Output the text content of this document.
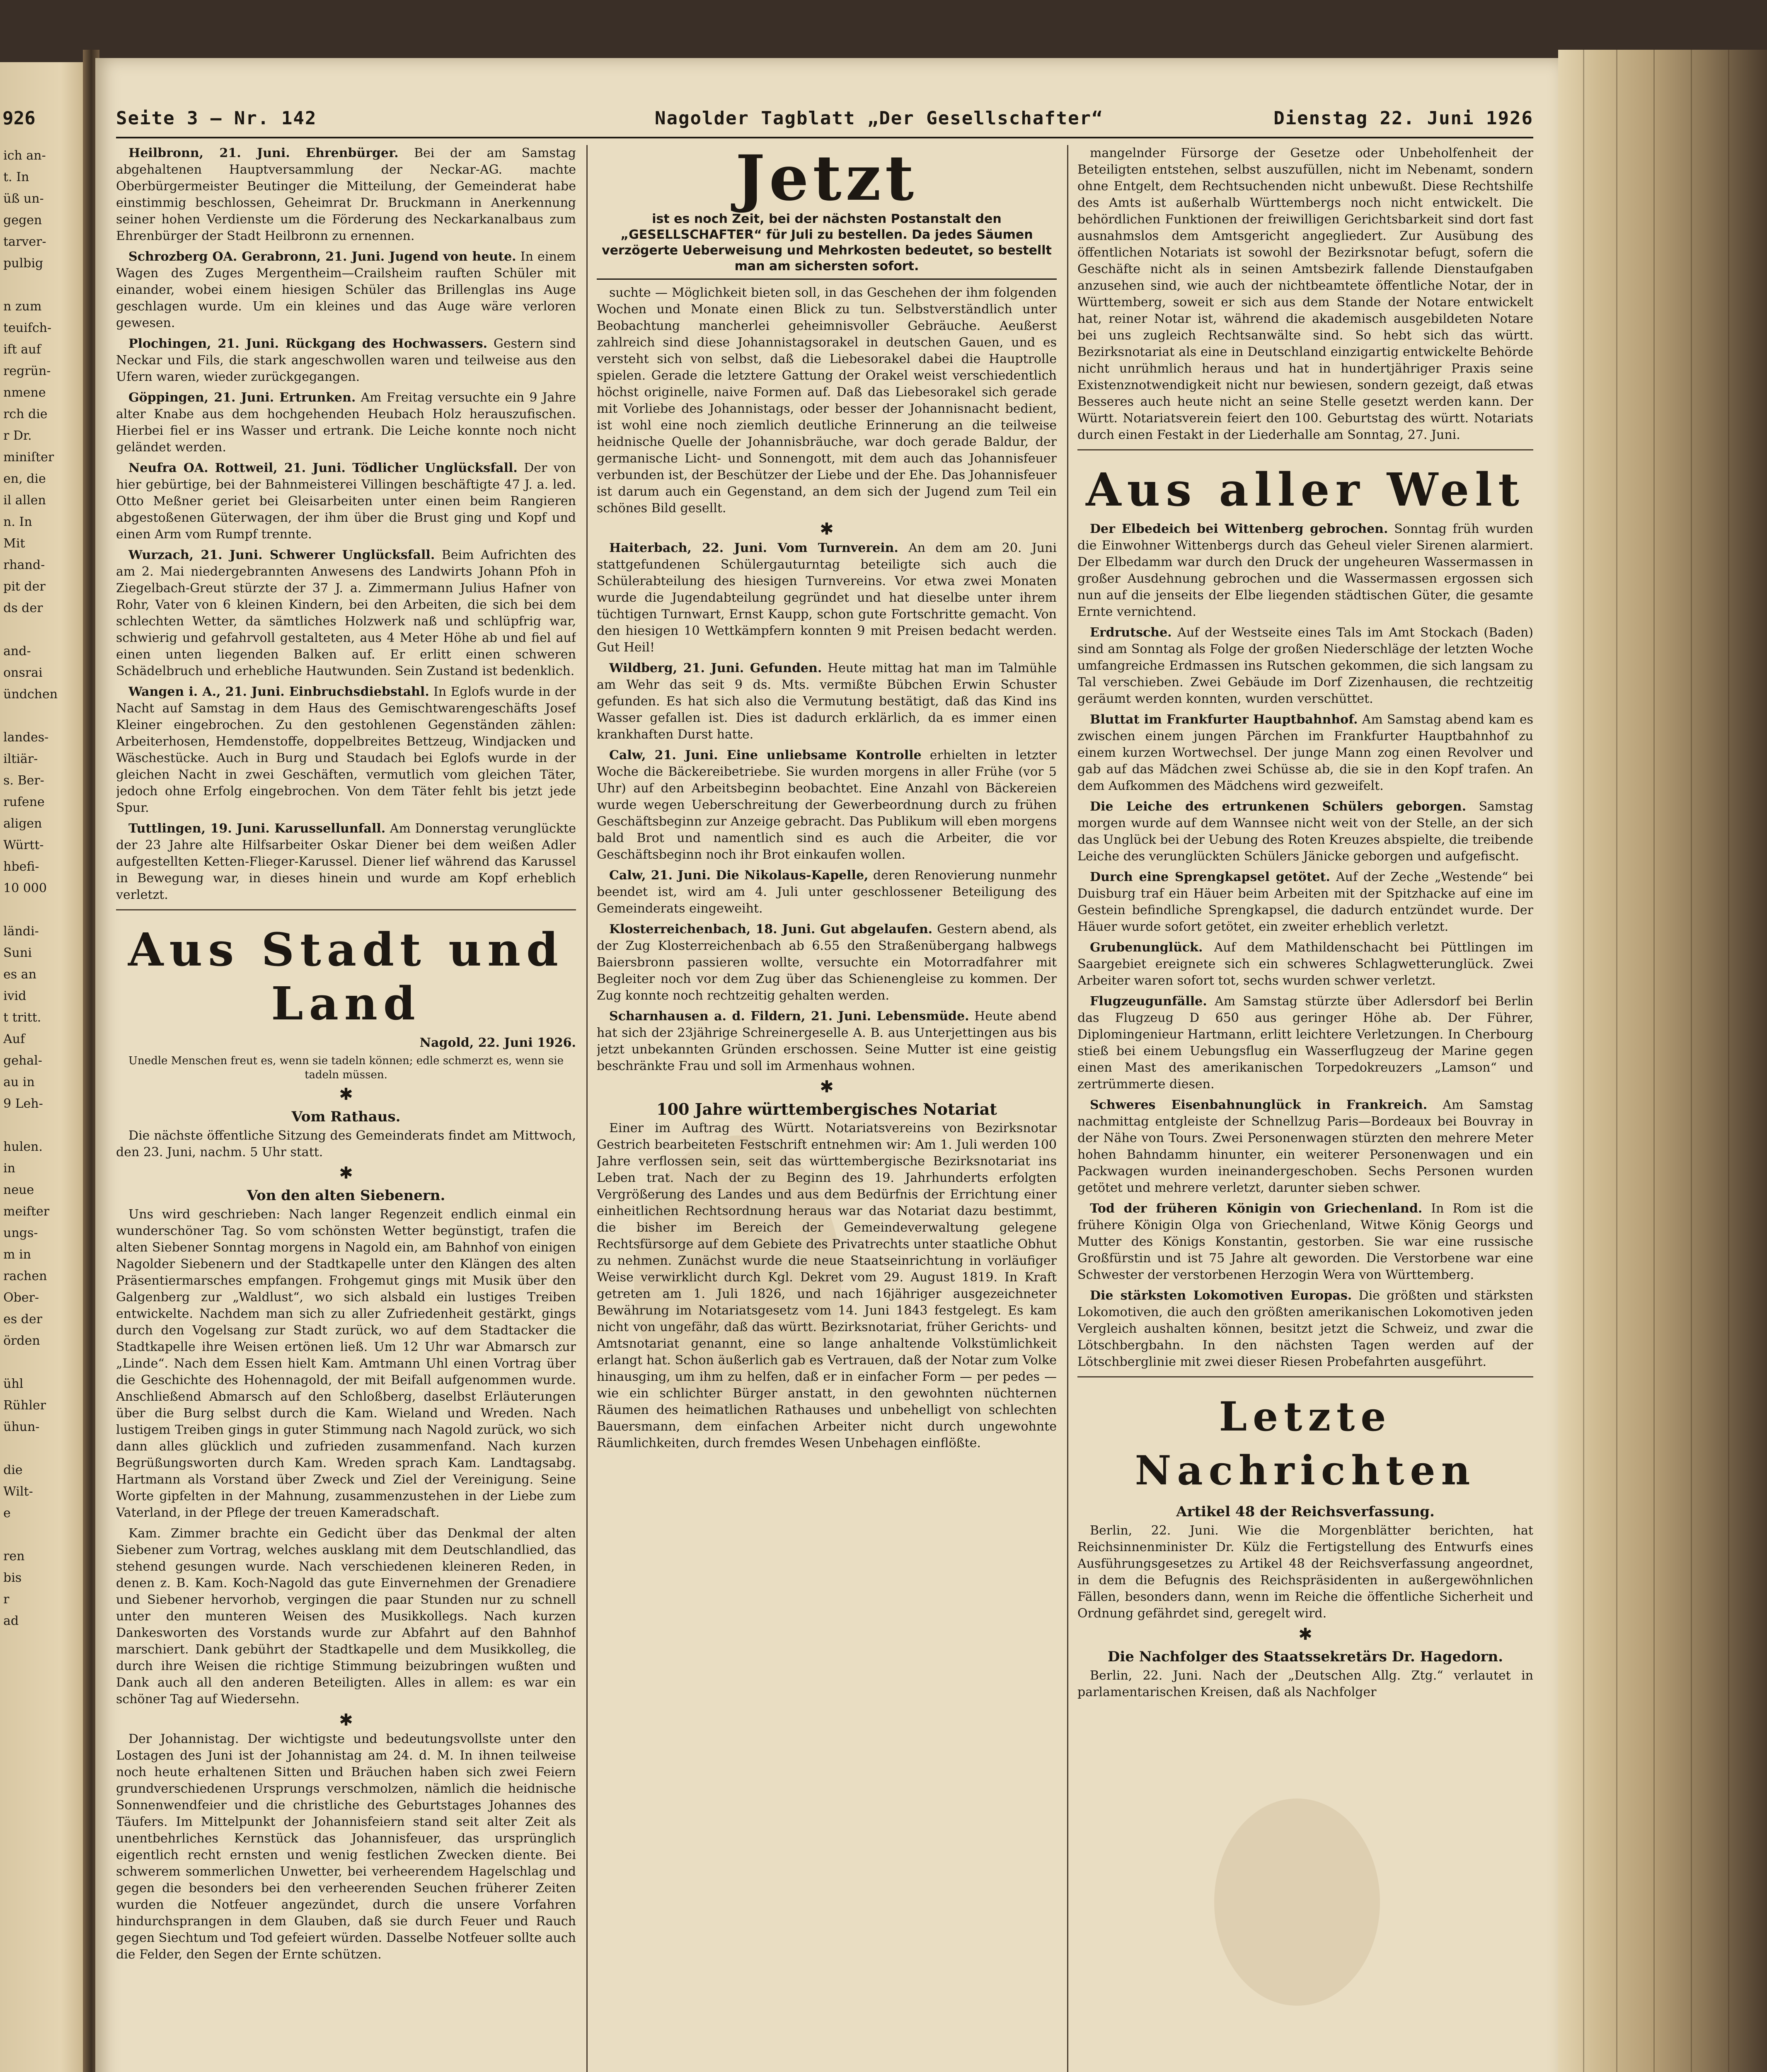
926
ich an-
t. In
üß un-
gegen
tarver-
pulbig
n zum
teuifch-
ift auf
regrün-
nmene
rch die
r Dr.
miniſter
en, die
il allen
n. In
Mit
rhand-
pit der
ds der
and-
onsrai
ündchen
landes-
iltiär-
s. Ber-
rufene
aligen
Württ-
hbefi-
10 000
ländi-
Suni
es an
ivid
t tritt.
Auf
gehal-
au in
9 Leh-
hulen.
in
neue
meifter
ungs-
m in
rachen
Ober-
es der
örden
ühl
Rühler
ühun-
die
Wilt-
e
ren
bis
r
ad
Seite 3 — Nr. 142	Nagolder Tagblatt „Der Gesellschafter“	Dienstag 22. Juni 1926

Heilbronn, 21. Juni. Ehrenbürger. Bei der am Samstag abgehaltenen Hauptversammlung der Neckar-AG. machte Oberbürgermeister Beutinger die Mitteilung, der Gemeinderat habe einstimmig beschlossen, Geheimrat Dr. Bruckmann in Anerkennung seiner hohen Verdienste um die Förderung des Neckarkanalbaus zum Ehrenbürger der Stadt Heilbronn zu ernennen.

Schrozberg OA. Gerabronn, 21. Juni. Jugend von heute. In einem Wagen des Zuges Mergentheim—Crailsheim rauften Schüler mit einander, wobei einem hiesigen Schüler das Brillenglas ins Auge geschlagen wurde. Um ein kleines und das Auge wäre verloren gewesen.

Plochingen, 21. Juni. Rückgang des Hochwassers. Gestern sind Neckar und Fils, die stark angeschwollen waren und teilweise aus den Ufern waren, wieder zurückgegangen.

Göppingen, 21. Juni. Ertrunken. Am Freitag versuchte ein 9 Jahre alter Knabe aus dem hochgehenden Heubach Holz herauszufischen. Hierbei fiel er ins Wasser und ertrank. Die Leiche konnte noch nicht geländet werden.

Neufra OA. Rottweil, 21. Juni. Tödlicher Unglücksfall. Der von hier gebürtige, bei der Bahnmeisterei Villingen beschäftigte 47 J. a. led. Otto Meßner geriet bei Gleisarbeiten unter einen beim Rangieren abgestoßenen Güterwagen, der ihm über die Brust ging und Kopf und einen Arm vom Rumpf trennte.

Wurzach, 21. Juni. Schwerer Unglücksfall. Beim Aufrichten des am 2. Mai niedergebrannten Anwesens des Landwirts Johann Pfoh in Ziegelbach-Greut stürzte der 37 J. a. Zimmermann Julius Hafner von Rohr, Vater von 6 kleinen Kindern, bei den Arbeiten, die sich bei dem schlechten Wetter, da sämtliches Holzwerk naß und schlüpfrig war, schwierig und gefahrvoll gestalteten, aus 4 Meter Höhe ab und fiel auf einen unten liegenden Balken auf. Er erlitt einen schweren Schädelbruch und erhebliche Hautwunden. Sein Zustand ist bedenklich.

Wangen i. A., 21. Juni. Einbruchsdiebstahl. In Eglofs wurde in der Nacht auf Samstag in dem Haus des Gemischtwarengeschäfts Josef Kleiner eingebrochen. Zu den gestohlenen Gegenständen zählen: Arbeiterhosen, Hemdenstoffe, doppelbreites Bettzeug, Windjacken und Wäschestücke. Auch in Burg und Staudach bei Eglofs wurde in der gleichen Nacht in zwei Geschäften, vermutlich vom gleichen Täter, jedoch ohne Erfolg eingebrochen. Von dem Täter fehlt bis jetzt jede Spur.

Tuttlingen, 19. Juni. Karussellunfall. Am Donnerstag verunglückte der 23 Jahre alte Hilfsarbeiter Oskar Diener bei dem weißen Adler aufgestellten Ketten-Flieger-Karussel. Diener lief während das Karussel in Bewegung war, in dieses hinein und wurde am Kopf erheblich verletzt.

Aus Stadt und Land
Nagold, 22. Juni 1926.
Unedle Menschen freut es, wenn sie tadeln können; edle schmerzt es, wenn sie tadeln müssen.
✱
Vom Rathaus.

Die nächste öffentliche Sitzung des Gemeinderats findet am Mittwoch, den 23. Juni, nachm. 5 Uhr statt.

✱
Von den alten Siebenern.

Uns wird geschrieben: Nach langer Regenzeit endlich einmal ein wunderschöner Tag. So vom schönsten Wetter begünstigt, trafen die alten Siebener Sonntag morgens in Nagold ein, am Bahnhof von einigen Nagolder Siebenern und der Stadtkapelle unter den Klängen des alten Präsentiermarsches empfangen. Frohgemut gings mit Musik über den Galgenberg zur „Waldlust“, wo sich alsbald ein lustiges Treiben entwickelte. Nachdem man sich zu aller Zufriedenheit gestärkt, gings durch den Vogelsang zur Stadt zurück, wo auf dem Stadtacker die Stadtkapelle ihre Weisen ertönen ließ. Um 12 Uhr war Abmarsch zur „Linde“. Nach dem Essen hielt Kam. Amtmann Uhl einen Vortrag über die Geschichte des Hohennagold, der mit Beifall aufgenommen wurde. Anschließend Abmarsch auf den Schloßberg, daselbst Erläuterungen über die Burg selbst durch die Kam. Wieland und Wreden. Nach lustigem Treiben gings in guter Stimmung nach Nagold zurück, wo sich dann alles glücklich und zufrieden zusammenfand. Nach kurzen Begrüßungsworten durch Kam. Wreden sprach Kam. Landtagsabg. Hartmann als Vorstand über Zweck und Ziel der Vereinigung. Seine Worte gipfelten in der Mahnung, zusammenzustehen in der Liebe zum Vaterland, in der Pflege der treuen Kameradschaft.

Kam. Zimmer brachte ein Gedicht über das Denkmal der alten Siebener zum Vortrag, welches ausklang mit dem Deutschlandlied, das stehend gesungen wurde. Nach verschiedenen kleineren Reden, in denen z. B. Kam. Koch-Nagold das gute Einvernehmen der Grenadiere und Siebener hervorhob, vergingen die paar Stunden nur zu schnell unter den munteren Weisen des Musikkollegs. Nach kurzen Dankesworten des Vorstands wurde zur Abfahrt auf den Bahnhof marschiert. Dank gebührt der Stadtkapelle und dem Musikkolleg, die durch ihre Weisen die richtige Stimmung beizubringen wußten und Dank auch all den anderen Beteiligten. Alles in allem: es war ein schöner Tag auf Wiedersehn.

✱

Der Johannistag. Der wichtigste und bedeutungsvollste unter den Lostagen des Juni ist der Johannistag am 24. d. M. In ihnen teilweise noch heute erhaltenen Sitten und Bräuchen haben sich zwei Feiern grundverschiedenen Ursprungs verschmolzen, nämlich die heidnische Sonnenwendfeier und die christliche des Geburtstages Johannes des Täufers. Im Mittelpunkt der Johannisfeiern stand seit alter Zeit als unentbehrliches Kernstück das Johannisfeuer, das ursprünglich eigentlich recht ernsten und wenig festlichen Zwecken diente. Bei schwerem sommerlichen Unwetter, bei verheerendem Hagelschlag und gegen die besonders bei den verheerenden Seuchen früherer Zeiten wurden die Notfeuer angezündet, durch die unsere Vorfahren hindurchsprangen in dem Glauben, daß sie durch Feuer und Rauch gegen Siechtum und Tod gefeiert würden. Dasselbe Notfeuer sollte auch die Felder, den Segen der Ernte schützen.

Jetzt
ist es noch Zeit, bei der nächsten Postanstalt den „GESELLSCHAFTER“ für Juli zu bestellen. Da jedes Säumen verzögerte Ueberweisung und Mehrkosten bedeutet, so bestellt man am sichersten sofort.

suchte — Möglichkeit bieten soll, in das Geschehen der ihm folgenden Wochen und Monate einen Blick zu tun. Selbstverständlich unter Beobachtung mancherlei geheimnisvoller Gebräuche. Aeußerst zahlreich sind diese Johannistagsorakel in deutschen Gauen, und es versteht sich von selbst, daß die Liebesorakel dabei die Hauptrolle spielen. Gerade die letztere Gattung der Orakel weist verschiedentlich höchst originelle, naive Formen auf. Daß das Liebesorakel sich gerade mit Vorliebe des Johannistags, oder besser der Johannisnacht bedient, ist wohl eine noch ziemlich deutliche Erinnerung an die teilweise heidnische Quelle der Johannisbräuche, war doch gerade Baldur, der germanische Licht- und Sonnengott, mit dem auch das Johannisfeuer verbunden ist, der Beschützer der Liebe und der Ehe. Das Johannisfeuer ist darum auch ein Gegenstand, an dem sich der Jugend zum Teil ein schönes Bild gesellt.

✱

Haiterbach, 22. Juni. Vom Turnverein. An dem am 20. Juni stattgefundenen Schülergauturntag beteiligte sich auch die Schülerabteilung des hiesigen Turnvereins. Vor etwa zwei Monaten wurde die Jugendabteilung gegründet und hat dieselbe unter ihrem tüchtigen Turnwart, Ernst Kaupp, schon gute Fortschritte gemacht. Von den hiesigen 10 Wettkämpfern konnten 9 mit Preisen bedacht werden. Gut Heil!

Wildberg, 21. Juni. Gefunden. Heute mittag hat man im Talmühle am Wehr das seit 9 ds. Mts. vermißte Bübchen Erwin Schuster gefunden. Es hat sich also die Vermutung bestätigt, daß das Kind ins Wasser gefallen ist. Dies ist dadurch erklärlich, da es immer einen krankhaften Durst hatte.

Calw, 21. Juni. Eine unliebsame Kontrolle erhielten in letzter Woche die Bäckereibetriebe. Sie wurden morgens in aller Frühe (vor 5 Uhr) auf den Arbeitsbeginn beobachtet. Eine Anzahl von Bäckereien wurde wegen Ueberschreitung der Gewerbeordnung durch zu frühen Geschäftsbeginn zur Anzeige gebracht. Das Publikum will eben morgens bald Brot und namentlich sind es auch die Arbeiter, die vor Geschäftsbeginn noch ihr Brot einkaufen wollen.

Calw, 21. Juni. Die Nikolaus-Kapelle, deren Renovierung nunmehr beendet ist, wird am 4. Juli unter geschlossener Beteiligung des Gemeinderats eingeweiht.

Klosterreichenbach, 18. Juni. Gut abgelaufen. Gestern abend, als der Zug Klosterreichenbach ab 6.55 den Straßenübergang halbwegs Baiersbronn passieren wollte, versuchte ein Motorradfahrer mit Begleiter noch vor dem Zug über das Schienengleise zu kommen. Der Zug konnte noch rechtzeitig gehalten werden.

Scharnhausen a. d. Fildern, 21. Juni. Lebensmüde. Heute abend hat sich der 23jährige Schreinergeselle A. B. aus Unterjettingen aus bis jetzt unbekannten Gründen erschossen. Seine Mutter ist eine geistig beschränkte Frau und soll im Armenhaus wohnen.

✱
100 Jahre württembergisches Notariat

Einer im Auftrag des Württ. Notariatsvereins von Bezirksnotar Gestrich bearbeiteten Festschrift entnehmen wir: Am 1. Juli werden 100 Jahre verflossen sein, seit das württembergische Bezirksnotariat ins Leben trat. Nach der zu Beginn des 19. Jahrhunderts erfolgten Vergrößerung des Landes und aus dem Bedürfnis der Errichtung einer einheitlichen Rechtsordnung heraus war das Notariat dazu bestimmt, die bisher im Bereich der Gemeindeverwaltung gelegene Rechtsfürsorge auf dem Gebiete des Privatrechts unter staatliche Obhut zu nehmen. Zunächst wurde die neue Staatseinrichtung in vorläufiger Weise verwirklicht durch Kgl. Dekret vom 29. August 1819. In Kraft getreten am 1. Juli 1826, und nach 16jähriger ausgezeichneter Bewährung im Notariatsgesetz vom 14. Juni 1843 festgelegt. Es kam nicht von ungefähr, daß das württ. Bezirksnotariat, früher Gerichts- und Amtsnotariat genannt, eine so lange anhaltende Volkstümlichkeit erlangt hat. Schon äußerlich gab es Vertrauen, daß der Notar zum Volke hinausging, um ihm zu helfen, daß er in einfacher Form — per pedes — wie ein schlichter Bürger anstatt, in den gewohnten nüchternen Räumen des heimatlichen Rathauses und unbehelligt von schlechten Bauersmann, dem einfachen Arbeiter nicht durch ungewohnte Räumlichkeiten, durch fremdes Wesen Unbehagen einflößte.

mangelnder Fürsorge der Gesetze oder Unbeholfenheit der Beteiligten entstehen, selbst auszufüllen, nicht im Nebenamt, sondern ohne Entgelt, dem Rechtsuchenden nicht unbewußt. Diese Rechtshilfe des Amts ist außerhalb Württembergs noch nicht entwickelt. Die behördlichen Funktionen der freiwilligen Gerichtsbarkeit sind dort fast ausnahmslos dem Amtsgericht angegliedert. Zur Ausübung des öffentlichen Notariats ist sowohl der Bezirksnotar befugt, sofern die Geschäfte nicht als in seinen Amtsbezirk fallende Dienstaufgaben anzusehen sind, wie auch der nichtbeamtete öffentliche Notar, der in Württemberg, soweit er sich aus dem Stande der Notare entwickelt hat, reiner Notar ist, während die akademisch ausgebildeten Notare bei uns zugleich Rechtsanwälte sind. So hebt sich das württ. Bezirksnotariat als eine in Deutschland einzigartig entwickelte Behörde nicht unrühmlich heraus und hat in hundertjähriger Praxis seine Existenznotwendigkeit nicht nur bewiesen, sondern gezeigt, daß etwas Besseres auch heute nicht an seine Stelle gesetzt werden kann. Der Württ. Notariatsverein feiert den 100. Geburtstag des württ. Notariats durch einen Festakt in der Liederhalle am Sonntag, 27. Juni.

Aus aller Welt

Der Elbedeich bei Wittenberg gebrochen. Sonntag früh wurden die Einwohner Wittenbergs durch das Geheul vieler Sirenen alarmiert. Der Elbedamm war durch den Druck der ungeheuren Wassermassen in großer Ausdehnung gebrochen und die Wassermassen ergossen sich nun auf die jenseits der Elbe liegenden städtischen Güter, die gesamte Ernte vernichtend.

Erdrutsche. Auf der Westseite eines Tals im Amt Stockach (Baden) sind am Sonntag als Folge der großen Niederschläge der letzten Woche umfangreiche Erdmassen ins Rutschen gekommen, die sich langsam zu Tal verschieben. Zwei Gebäude im Dorf Zizenhausen, die rechtzeitig geräumt werden konnten, wurden verschüttet.

Bluttat im Frankfurter Hauptbahnhof. Am Samstag abend kam es zwischen einem jungen Pärchen im Frankfurter Hauptbahnhof zu einem kurzen Wortwechsel. Der junge Mann zog einen Revolver und gab auf das Mädchen zwei Schüsse ab, die sie in den Kopf trafen. An dem Aufkommen des Mädchens wird gezweifelt.

Die Leiche des ertrunkenen Schülers geborgen. Samstag morgen wurde auf dem Wannsee nicht weit von der Stelle, an der sich das Unglück bei der Uebung des Roten Kreuzes abspielte, die treibende Leiche des verunglückten Schülers Jänicke geborgen und aufgefischt.

Durch eine Sprengkapsel getötet. Auf der Zeche „Westende“ bei Duisburg traf ein Häuer beim Arbeiten mit der Spitzhacke auf eine im Gestein befindliche Sprengkapsel, die dadurch entzündet wurde. Der Häuer wurde sofort getötet, ein zweiter erheblich verletzt.

Grubenunglück. Auf dem Mathildenschacht bei Püttlingen im Saargebiet ereignete sich ein schweres Schlagwetterunglück. Zwei Arbeiter waren sofort tot, sechs wurden schwer verletzt.

Flugzeugunfälle. Am Samstag stürzte über Adlersdorf bei Berlin das Flugzeug D 650 aus geringer Höhe ab. Der Führer, Diplomingenieur Hartmann, erlitt leichtere Verletzungen. In Cherbourg stieß bei einem Uebungsflug ein Wasserflugzeug der Marine gegen einen Mast des amerikanischen Torpedokreuzers „Lamson“ und zertrümmerte diesen.

Schweres Eisenbahnunglück in Frankreich. Am Samstag nachmittag entgleiste der Schnellzug Paris—Bordeaux bei Bouvray in der Nähe von Tours. Zwei Personenwagen stürzten den mehrere Meter hohen Bahndamm hinunter, ein weiterer Personenwagen und ein Packwagen wurden ineinandergeschoben. Sechs Personen wurden getötet und mehrere verletzt, darunter sieben schwer.

Tod der früheren Königin von Griechenland. In Rom ist die frühere Königin Olga von Griechenland, Witwe König Georgs und Mutter des Königs Konstantin, gestorben. Sie war eine russische Großfürstin und ist 75 Jahre alt geworden. Die Verstorbene war eine Schwester der verstorbenen Herzogin Wera von Württemberg.

Die stärksten Lokomotiven Europas. Die größten und stärksten Lokomotiven, die auch den größten amerikanischen Lokomotiven jeden Vergleich aushalten können, besitzt jetzt die Schweiz, und zwar die Lötschbergbahn. In den nächsten Tagen werden auf der Lötschberglinie mit zwei dieser Riesen Probefahrten ausgeführt.

Letzte Nachrichten
Artikel 48 der Reichsverfassung.

Berlin, 22. Juni. Wie die Morgenblätter berichten, hat Reichsinnenminister Dr. Külz die Fertigstellung des Entwurfs eines Ausführungsgesetzes zu Artikel 48 der Reichsverfassung angeordnet, in dem die Befugnis des Reichspräsidenten in außergewöhnlichen Fällen, besonders dann, wenn im Reiche die öffentliche Sicherheit und Ordnung gefährdet sind, geregelt wird.

✱
Die Nachfolger des Staatssekretärs Dr. Hagedorn.

Berlin, 22. Juni. Nach der „Deutschen Allg. Ztg.“ verlautet in parlamentarischen Kreisen, daß als Nachfolger
